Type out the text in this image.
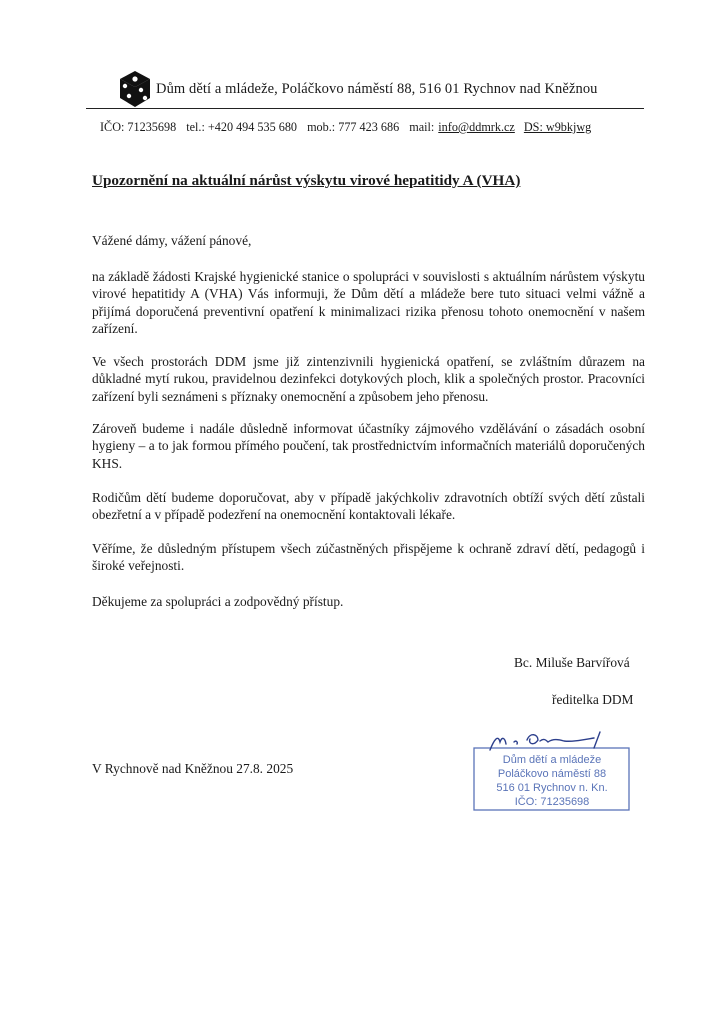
Dům dětí a mládeže, Poláčkovo náměstí 88, 516 01 Rychnov nad Kněžnou
IČO: 71235698 tel.: +420 494 535 680 mob.: 777 423 686 mail: info@ddmrk.cz DS: w9bkjwg
Upozornění na aktuální nárůst výskytu virové hepatitidy A (VHA)

Vážené dámy, vážení pánové,

na základě žádosti Krajské hygienické stanice o spolupráci v souvislosti s aktuálním nárůstem výskytu virové hepatitidy A (VHA) Vás informuji, že Dům dětí a mládeže bere tuto situaci velmi vážně a přijímá doporučená preventivní opatření k minimalizaci rizika přenosu tohoto onemocnění v našem zařízení.

Ve všech prostorách DDM jsme již zintenzivnili hygienická opatření, se zvláštním důrazem na důkladné mytí rukou, pravidelnou dezinfekci dotykových ploch, klik a společných prostor. Pracovníci zařízení byli seznámeni s příznaky onemocnění a způsobem jeho přenosu.

Zároveň budeme i nadále důsledně informovat účastníky zájmového vzdělávání o zásadách osobní hygieny – a to jak formou přímého poučení, tak prostřednictvím informačních materiálů doporučených KHS.

Rodičům dětí budeme doporučovat, aby v případě jakýchkoliv zdravotních obtíží svých dětí zůstali obezřetní a v případě podezření na onemocnění kontaktovali lékaře.

Věříme, že důsledným přístupem všech zúčastněných přispějeme k ochraně zdraví dětí, pedagogů i široké veřejnosti.

Děkujeme za spolupráci a zodpovědný přístup.

Bc. Miluše Barvířová
ředitelka DDM
V Rychnově nad Kněžnou 27.8. 2025
Dům dětí a mládeže
Poláčkovo náměstí 88
516 01 Rychnov n. Kn.
IČO: 71235698
